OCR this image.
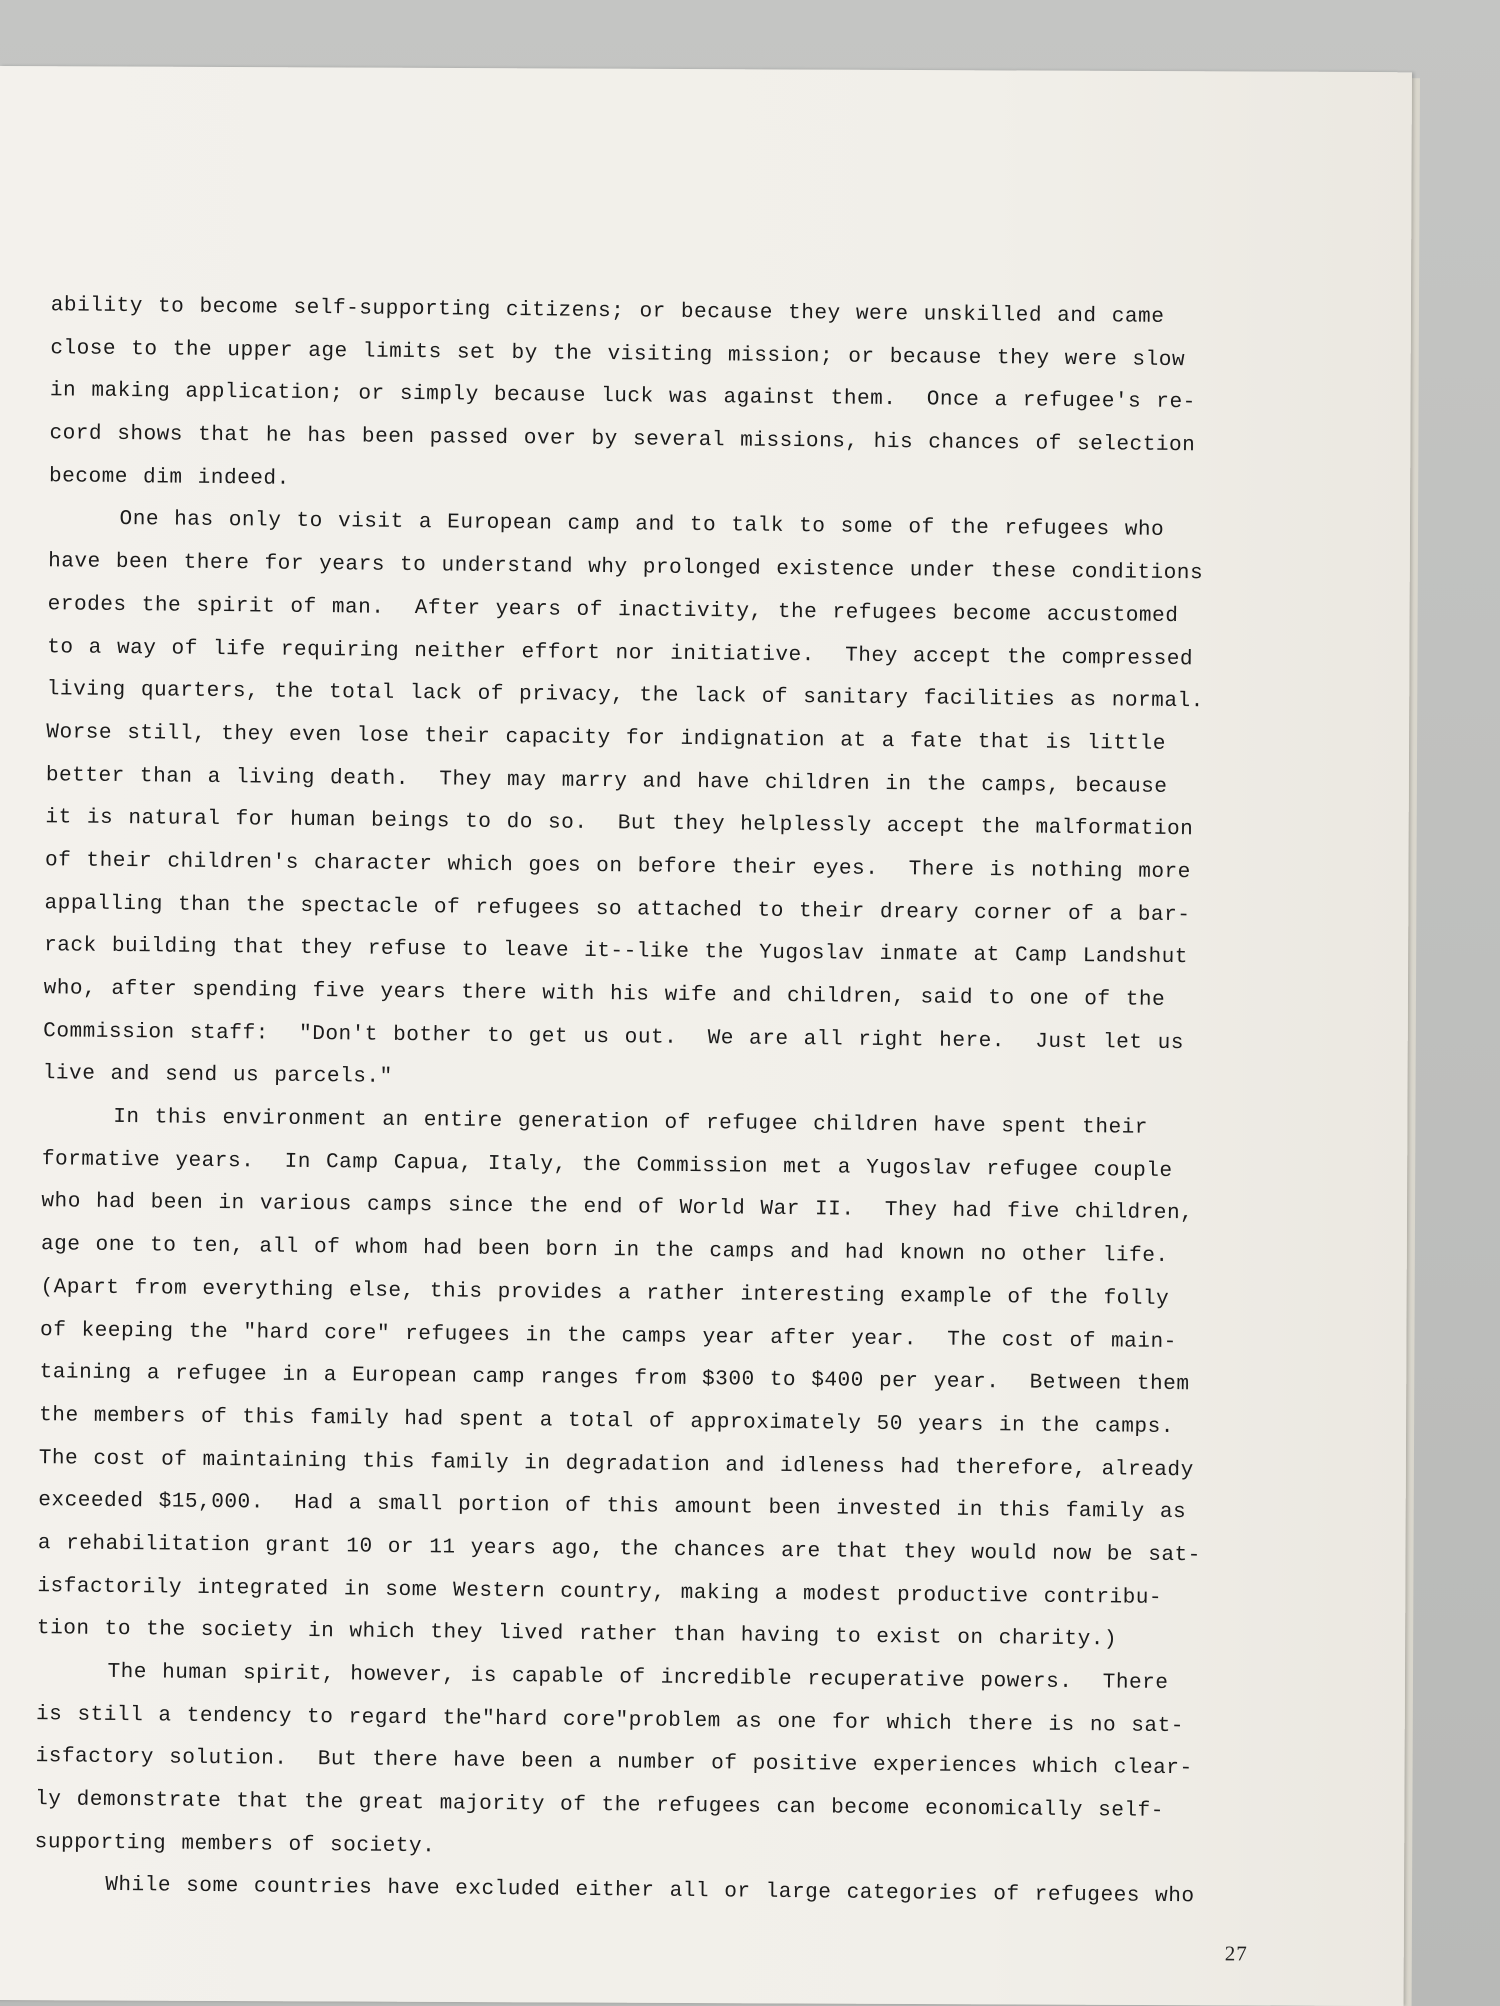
ability to become self-supporting citizens; or because they were unskilled and came
close to the upper age limits set by the visiting mission; or because they were slow
in making application; or simply because luck was against them.  Once a refugee's re-
cord shows that he has been passed over by several missions, his chances of selection
become dim indeed.
One has only to visit a European camp and to talk to some of the refugees who
have been there for years to understand why prolonged existence under these conditions
erodes the spirit of man.  After years of inactivity, the refugees become accustomed
to a way of life requiring neither effort nor initiative.  They accept the compressed
living quarters, the total lack of privacy, the lack of sanitary facilities as normal.
Worse still, they even lose their capacity for indignation at a fate that is little
better than a living death.  They may marry and have children in the camps, because
it is natural for human beings to do so.  But they helplessly accept the malformation
of their children's character which goes on before their eyes.  There is nothing more
appalling than the spectacle of refugees so attached to their dreary corner of a bar-
rack building that they refuse to leave it--like the Yugoslav inmate at Camp Landshut
who, after spending five years there with his wife and children, said to one of the
Commission staff:  "Don't bother to get us out.  We are all right here.  Just let us
live and send us parcels."
In this environment an entire generation of refugee children have spent their
formative years.  In Camp Capua, Italy, the Commission met a Yugoslav refugee couple
who had been in various camps since the end of World War II.  They had five children,
age one to ten, all of whom had been born in the camps and had known no other life.
(Apart from everything else, this provides a rather interesting example of the folly
of keeping the "hard core" refugees in the camps year after year.  The cost of main-
taining a refugee in a European camp ranges from $300 to $400 per year.  Between them
the members of this family had spent a total of approximately 50 years in the camps.
The cost of maintaining this family in degradation and idleness had therefore, already
exceeded $15,000.  Had a small portion of this amount been invested in this family as
a rehabilitation grant 10 or 11 years ago, the chances are that they would now be sat-
isfactorily integrated in some Western country, making a modest productive contribu-
tion to the society in which they lived rather than having to exist on charity.)
The human spirit, however, is capable of incredible recuperative powers.  There
is still a tendency to regard the"hard core"problem as one for which there is no sat-
isfactory solution.  But there have been a number of positive experiences which clear-
ly demonstrate that the great majority of the refugees can become economically self-
supporting members of society.
While some countries have excluded either all or large categories of refugees who
27
